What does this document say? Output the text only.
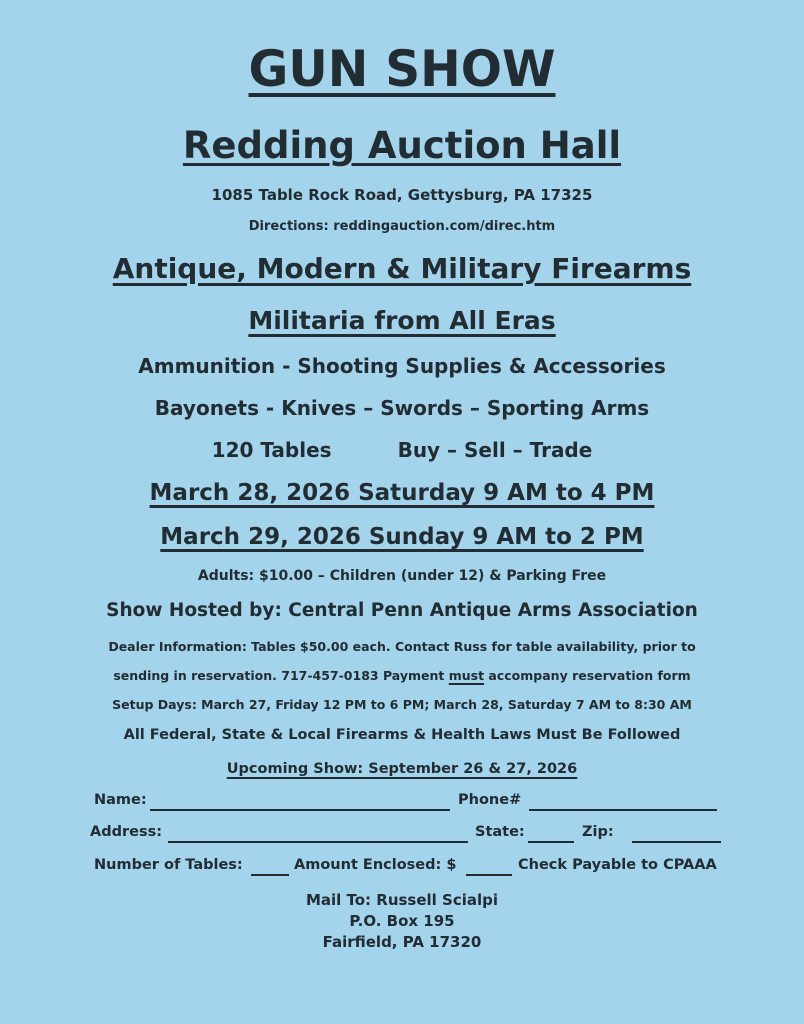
GUN SHOW
Redding Auction Hall
1085 Table Rock Road, Gettysburg, PA 17325
Directions: reddingauction.com/direc.htm
Antique, Modern & Military Firearms
Militaria from All Eras
Ammunition - Shooting Supplies & Accessories
Bayonets - Knives – Swords – Sporting Arms
120 Tables	Buy – Sell – Trade
March 28, 2026 Saturday 9 AM to 4 PM
March 29, 2026 Sunday 9 AM to 2 PM
Adults: $10.00 – Children (under 12) & Parking Free
Show Hosted by: Central Penn Antique Arms Association
Dealer Information: Tables $50.00 each. Contact Russ for table availability, prior to
sending in reservation. 717-457-0183 Payment must accompany reservation form
Setup Days: March 27, Friday 12 PM to 6 PM; March 28, Saturday 7 AM to 8:30 AM
All Federal, State & Local Firearms & Health Laws Must Be Followed
Upcoming Show: September 26 & 27, 2026
Name:	Phone#
Address:	State:	Zip:
Number of Tables:	Amount Enclosed: $	Check Payable to CPAAA
Mail To: Russell Scialpi
P.O. Box 195
Fairfield, PA 17320
